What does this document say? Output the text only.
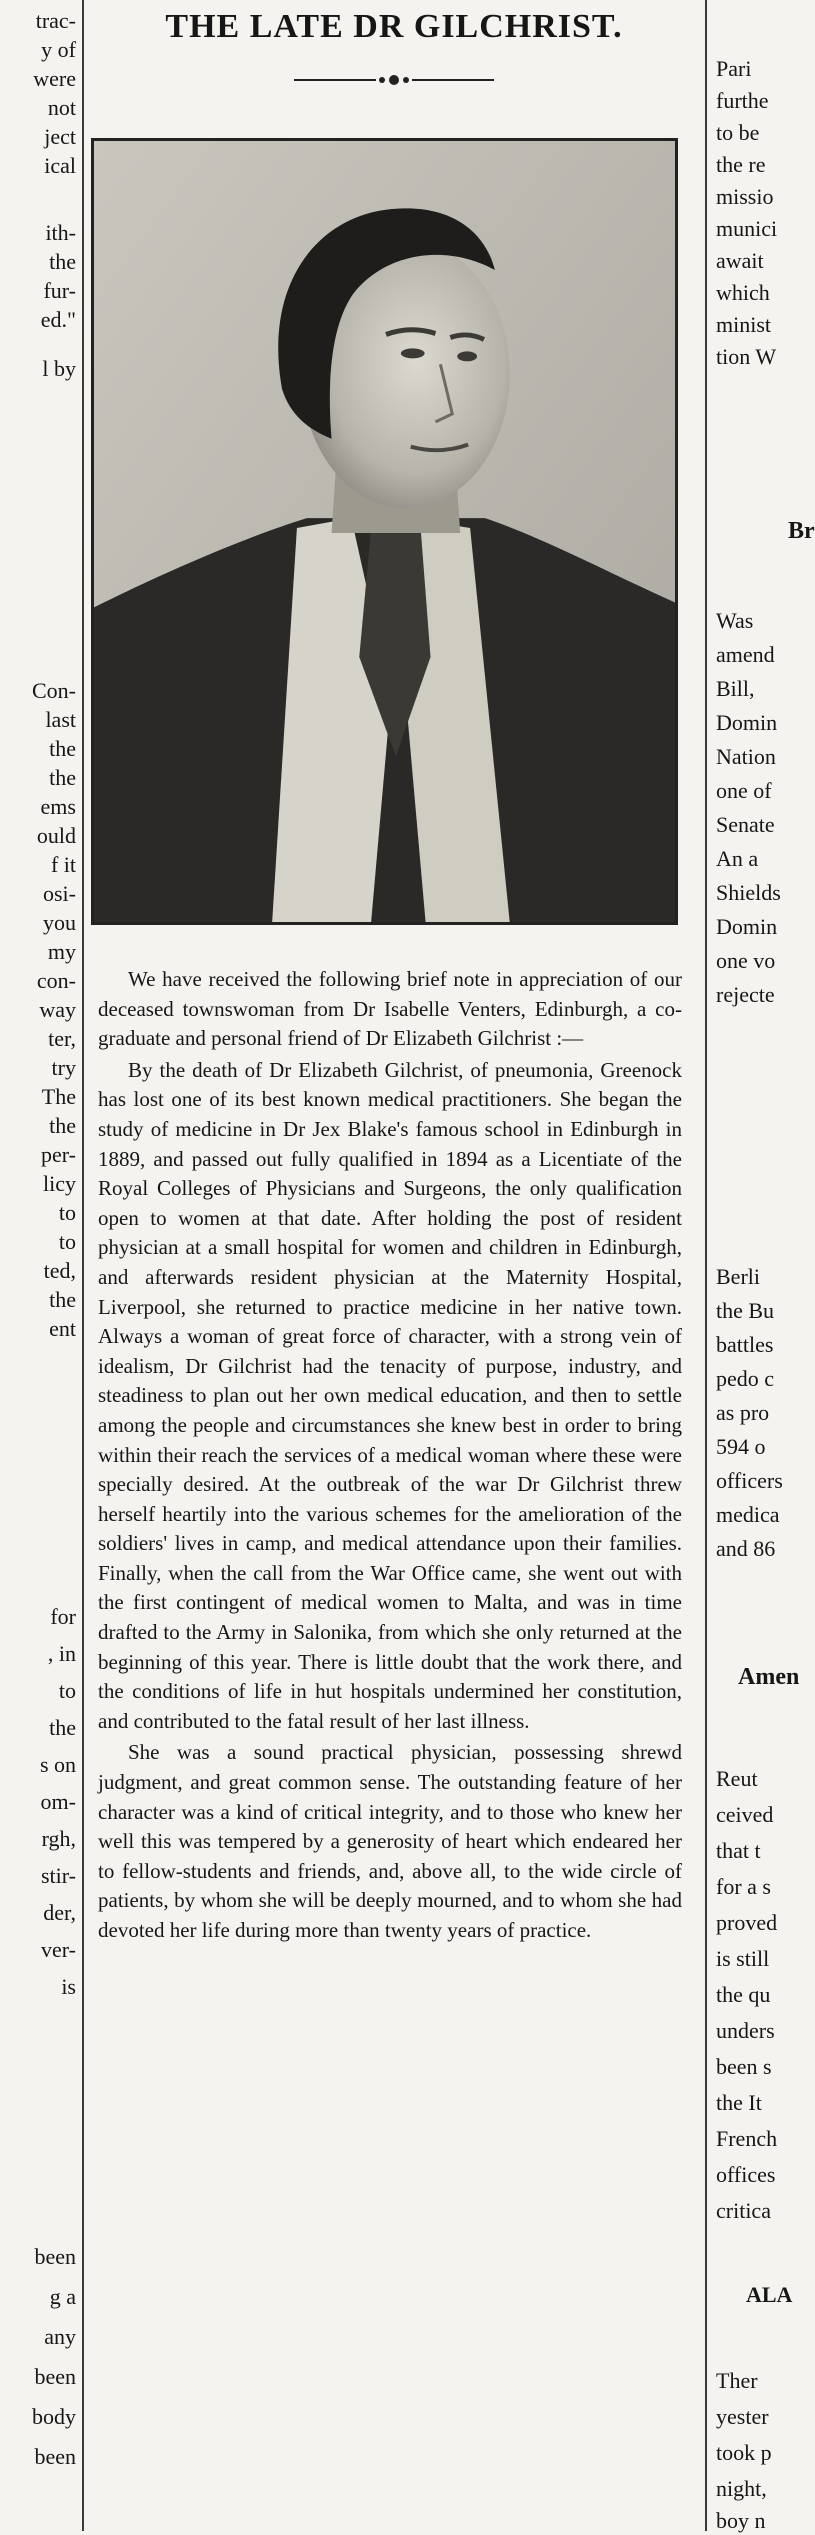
trac-
y of
were
not
ject
ical
ith-
the
fur-
ed."
l by
Con-
last
the
the
ems
ould
f it
osi-
you
my
con-
way
ter,
try
The
the
per-
licy
to
to
ted,
the
ent
for
, in
to
the
s on
om-
rgh,
stir-
der,
ver-
is
been
g a
any
been
body
been
THE LATE DR GILCHRIST.

We have received the following brief note in appreciation of our deceased townswoman from Dr Isabelle Venters, Edinburgh, a co-graduate and personal friend of Dr Elizabeth Gilchrist :—

By the death of Dr Elizabeth Gilchrist, of pneumonia, Greenock has lost one of its best known medical practitioners. She began the study of medicine in Dr Jex Blake's famous school in Edinburgh in 1889, and passed out fully qualified in 1894 as a Licentiate of the Royal Colleges of Physicians and Surgeons, the only qualification open to women at that date. After holding the post of resident physician at a small hospital for women and children in Edinburgh, and afterwards resident physician at the Maternity Hospital, Liverpool, she returned to practice medicine in her native town. Always a woman of great force of character, with a strong vein of idealism, Dr Gilchrist had the tenacity of purpose, industry, and steadiness to plan out her own medical education, and then to settle among the people and circumstances she knew best in order to bring within their reach the services of a medical woman where these were specially desired. At the outbreak of the war Dr Gilchrist threw herself heartily into the various schemes for the amelioration of the soldiers' lives in camp, and medical attendance upon their families. Finally, when the call from the War Office came, she went out with the first contingent of medical women to Malta, and was in time drafted to the Army in Salonika, from which she only returned at the beginning of this year. There is little doubt that the work there, and the conditions of life in hut hospitals undermined her constitution, and contributed to the fatal result of her last illness.

She was a sound practical physician, possessing shrewd judgment, and great common sense. The outstanding feature of her character was a kind of critical integrity, and to those who knew her well this was tempered by a generosity of heart which endeared her to fellow-students and friends, and, above all, to the wide circle of patients, by whom she will be deeply mourned, and to whom she had devoted her life during more than twenty years of practice.

Pari
furthe
to be
the re
missio
munici
await
which
minist
tion W
Br
Was
amend
Bill,
Domin
Nation
one of
Senate
An a
Shields
Domin
one vo
rejecte
Berli
the Bu
battles
pedo c
as pro
594 o
officers
medica
and 86
Amen
Reut
ceived
that t
for a s
proved
is still
the qu
unders
been s
the It
French
offices
critica
ALA
Ther
yester
took p
night,
boy n
